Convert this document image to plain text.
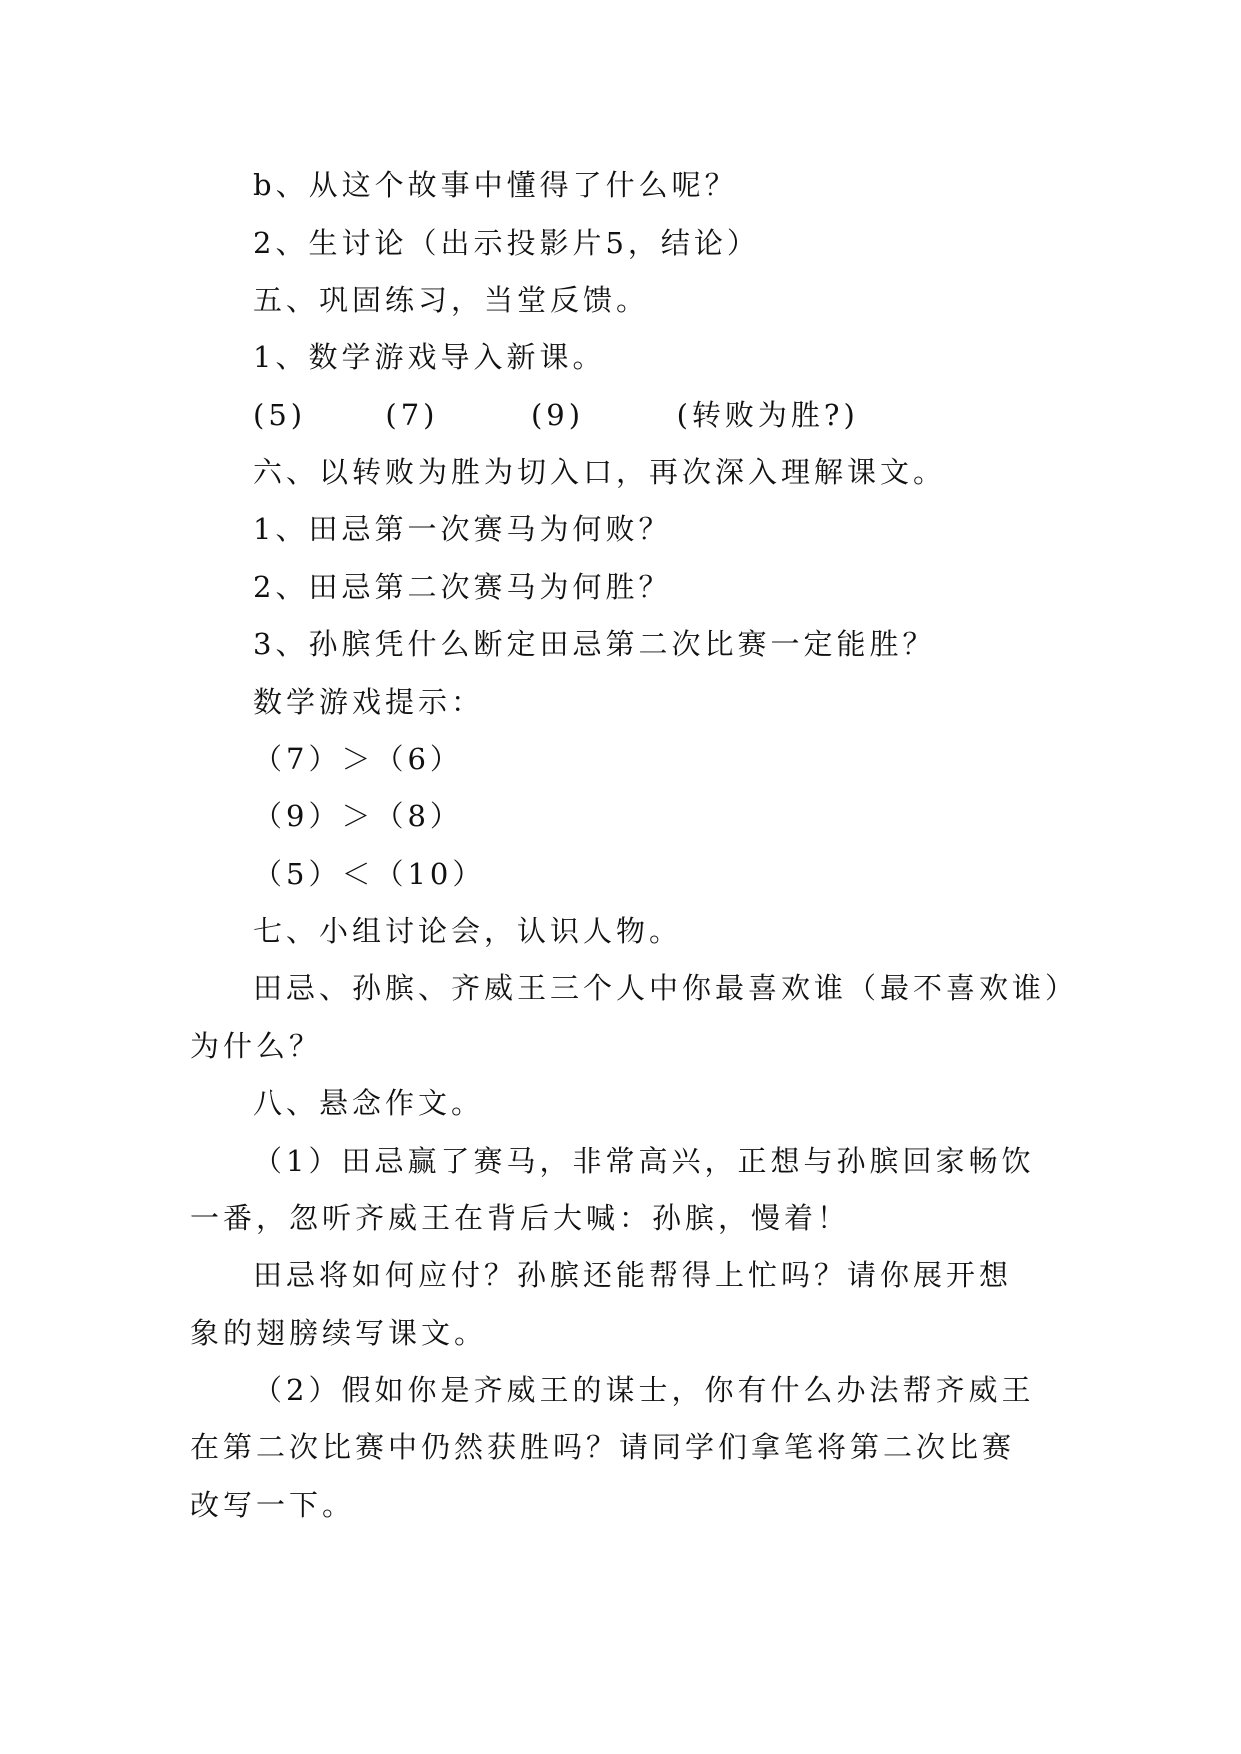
b、从这个故事中懂得了什么呢？
2、生讨论（出示投影片5，结论）
五、巩固练习，当堂反馈。
1、数学游戏导入新课。
(5)      (7)       (9)       (转败为胜?)
六、以转败为胜为切入口，再次深入理解课文。
1、田忌第一次赛马为何败？
2、田忌第二次赛马为何胜？
3、孙膑凭什么断定田忌第二次比赛一定能胜？
数学游戏提示：
（7）＞（6）
（9）＞（8）
（5）＜（10）
七、小组讨论会，认识人物。
田忌、孙膑、齐威王三个人中你最喜欢谁（最不喜欢谁）
为什么？
八、悬念作文。
（1）田忌赢了赛马，非常高兴，正想与孙膑回家畅饮
一番，忽听齐威王在背后大喊：孙膑，慢着！
田忌将如何应付？孙膑还能帮得上忙吗？请你展开想
象的翅膀续写课文。
（2）假如你是齐威王的谋士，你有什么办法帮齐威王
在第二次比赛中仍然获胜吗？请同学们拿笔将第二次比赛
改写一下。
